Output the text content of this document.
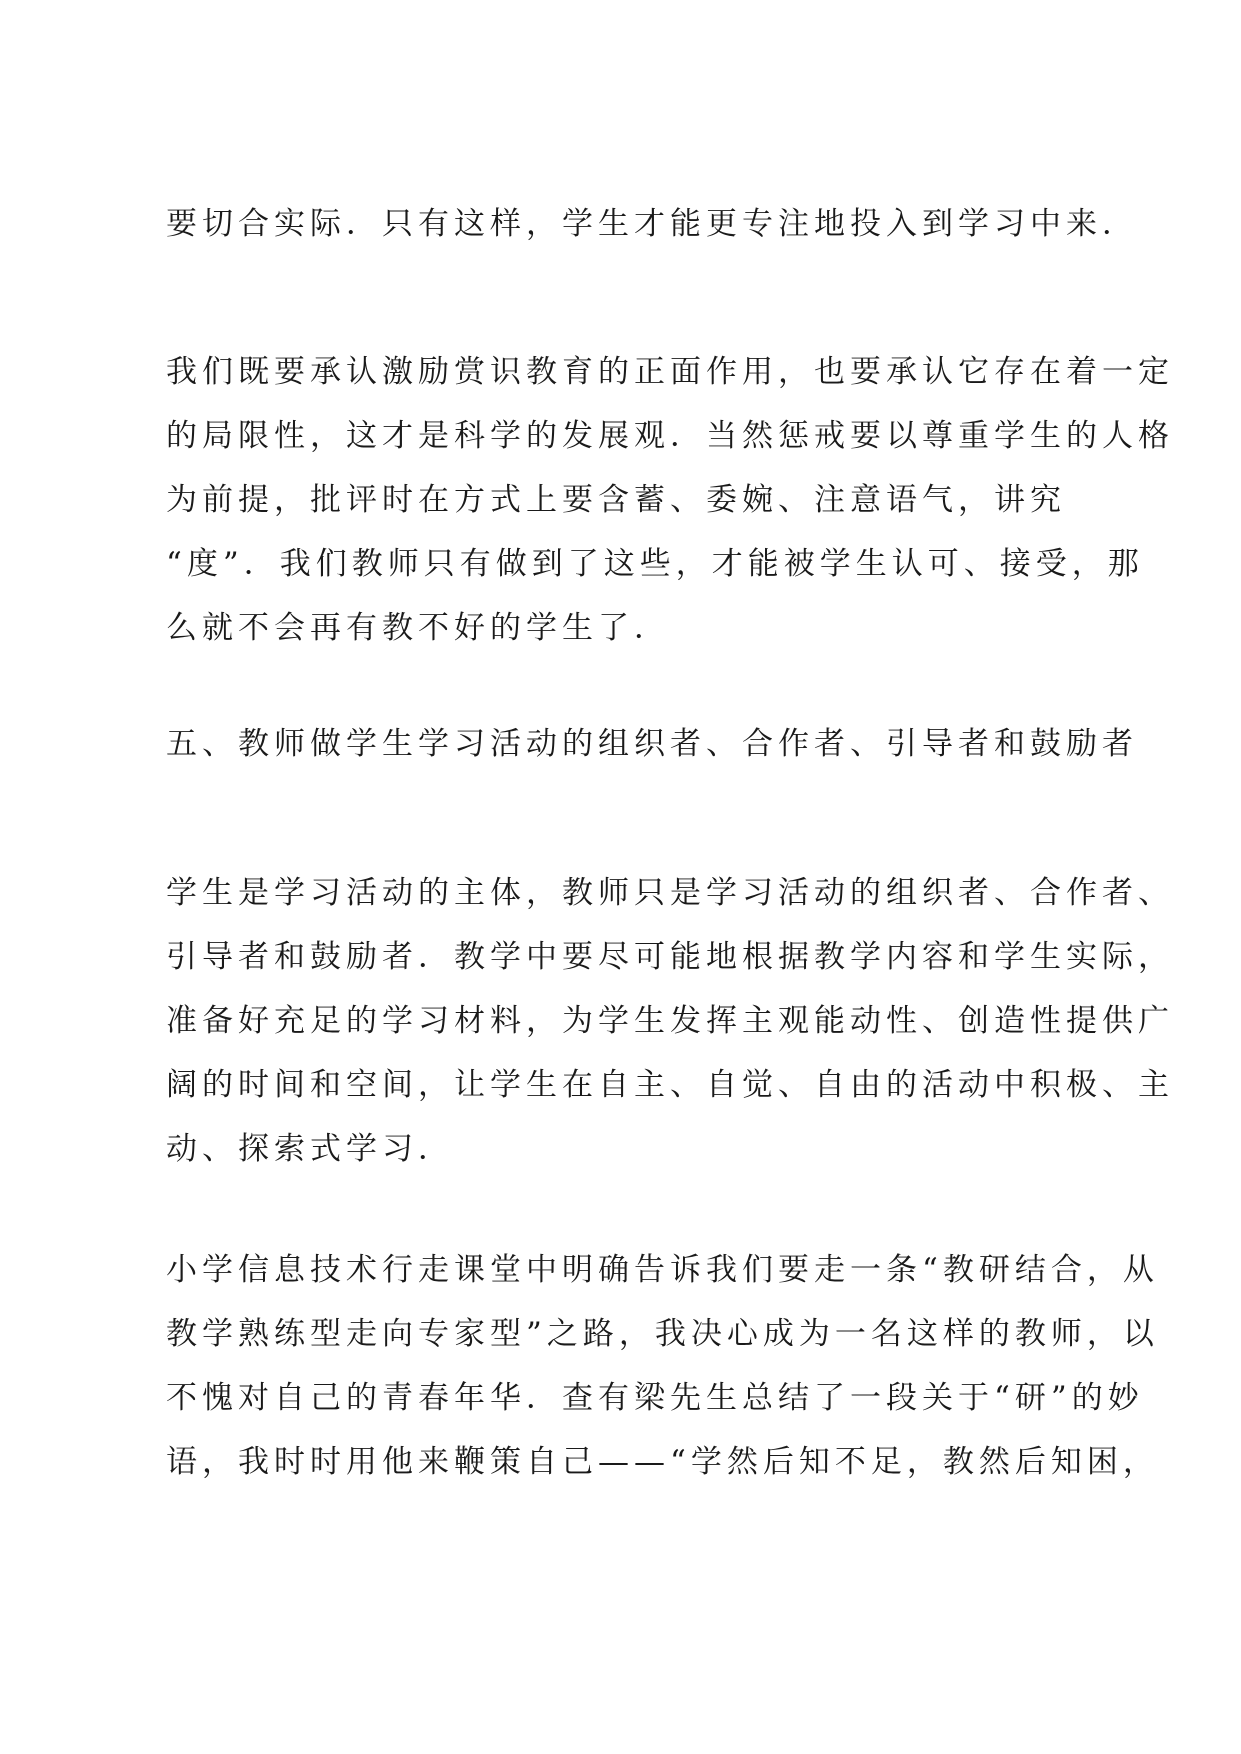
要切合实际．只有这样，学生才能更专注地投入到学习中来．
我们既要承认激励赏识教育的正面作用，也要承认它存在着一定
的局限性，这才是科学的发展观．当然惩戒要以尊重学生的人格
为前提，批评时在方式上要含蓄、委婉、注意语气，讲究
“度”．我们教师只有做到了这些，才能被学生认可、接受，那
么就不会再有教不好的学生了．
五、教师做学生学习活动的组织者、合作者、引导者和鼓励者
学生是学习活动的主体，教师只是学习活动的组织者、合作者、
引导者和鼓励者．教学中要尽可能地根据教学内容和学生实际，
准备好充足的学习材料，为学生发挥主观能动性、创造性提供广
阔的时间和空间，让学生在自主、自觉、自由的活动中积极、主
动、探索式学习．
小学信息技术行走课堂中明确告诉我们要走一条“教研结合，从
教学熟练型走向专家型”之路，我决心成为一名这样的教师，以
不愧对自己的青春年华．查有梁先生总结了一段关于“研”的妙
语，我时时用他来鞭策自己——“学然后知不足，教然后知困，
